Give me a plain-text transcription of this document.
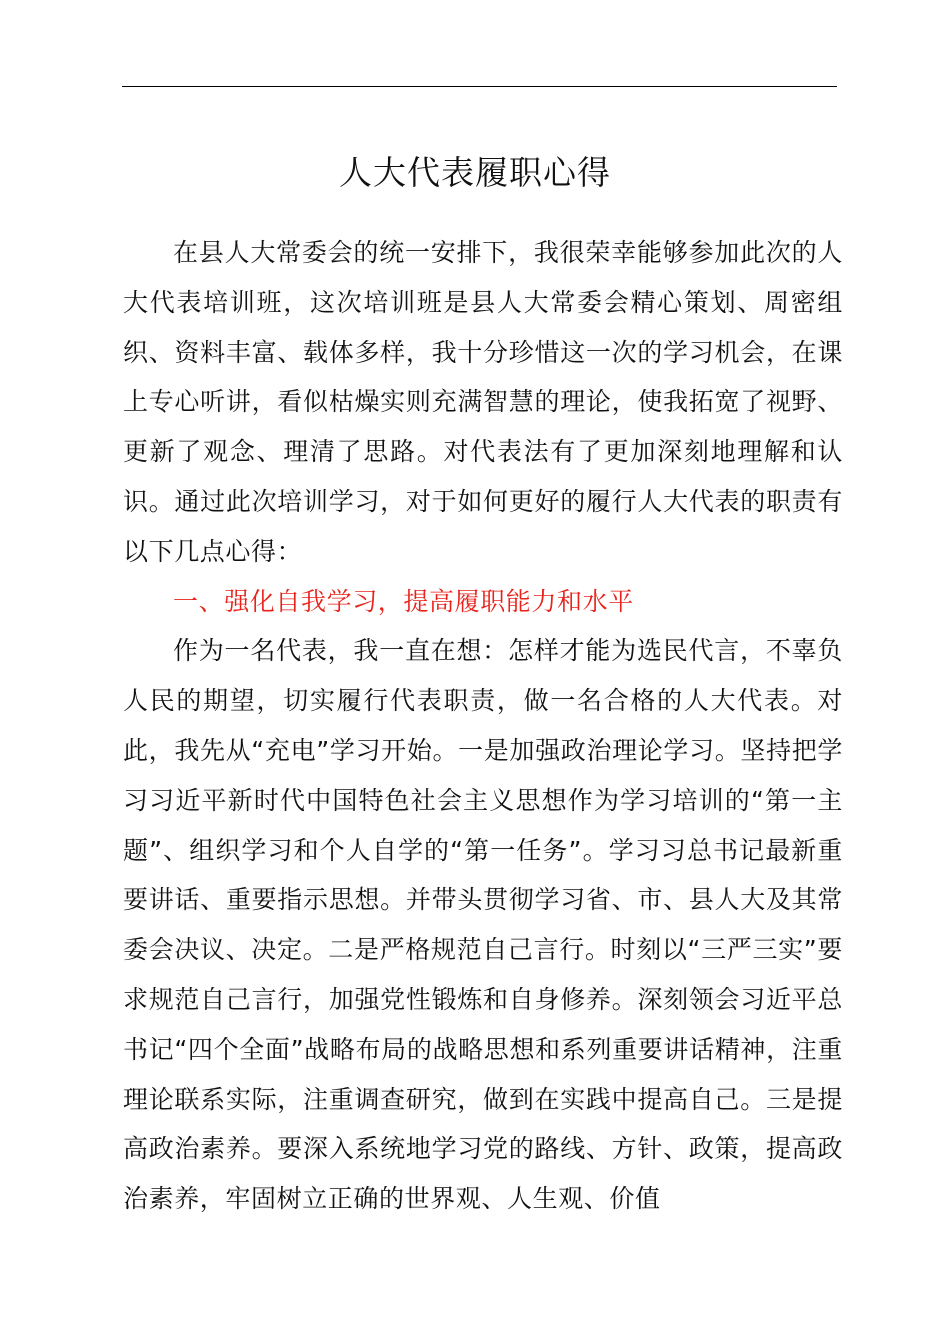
人大代表履职心得

在县人大常委会的统一安排下，我很荣幸能够参加此次的人大代表培训班，这次培训班是县人大常委会精心策划、周密组织、资料丰富、载体多样，我十分珍惜这一次的学习机会，在课上专心听讲，看似枯燥实则充满智慧的理论，使我拓宽了视野、更新了观念、理清了思路。对代表法有了更加深刻地理解和认识。通过此次培训学习，对于如何更好的履行人大代表的职责有以下几点心得：

一、强化自我学习，提高履职能力和水平

作为一名代表，我一直在想：怎样才能为选民代言，不辜负人民的期望，切实履行代表职责，做一名合格的人大代表。对此，我先从“充电”学习开始。一是加强政治理论学习。坚持把学习习近平新时代中国特色社会主义思想作为学习培训的“第一主题”、组织学习和个人自学的“第一任务”。学习习总书记最新重要讲话、重要指示思想。并带头贯彻学习省、市、县人大及其常委会决议、决定。二是严格规范自己言行。时刻以“三严三实”要求规范自己言行，加强党性锻炼和自身修养。深刻领会习近平总书记“四个全面”战略布局的战略思想和系列重要讲话精神，注重理论联系实际，注重调查研究，做到在实践中提高自己。三是提高政治素养。要深入系统地学习党的路线、方针、政策，提高政治素养，牢固树立正确的世界观、人生观、价值
